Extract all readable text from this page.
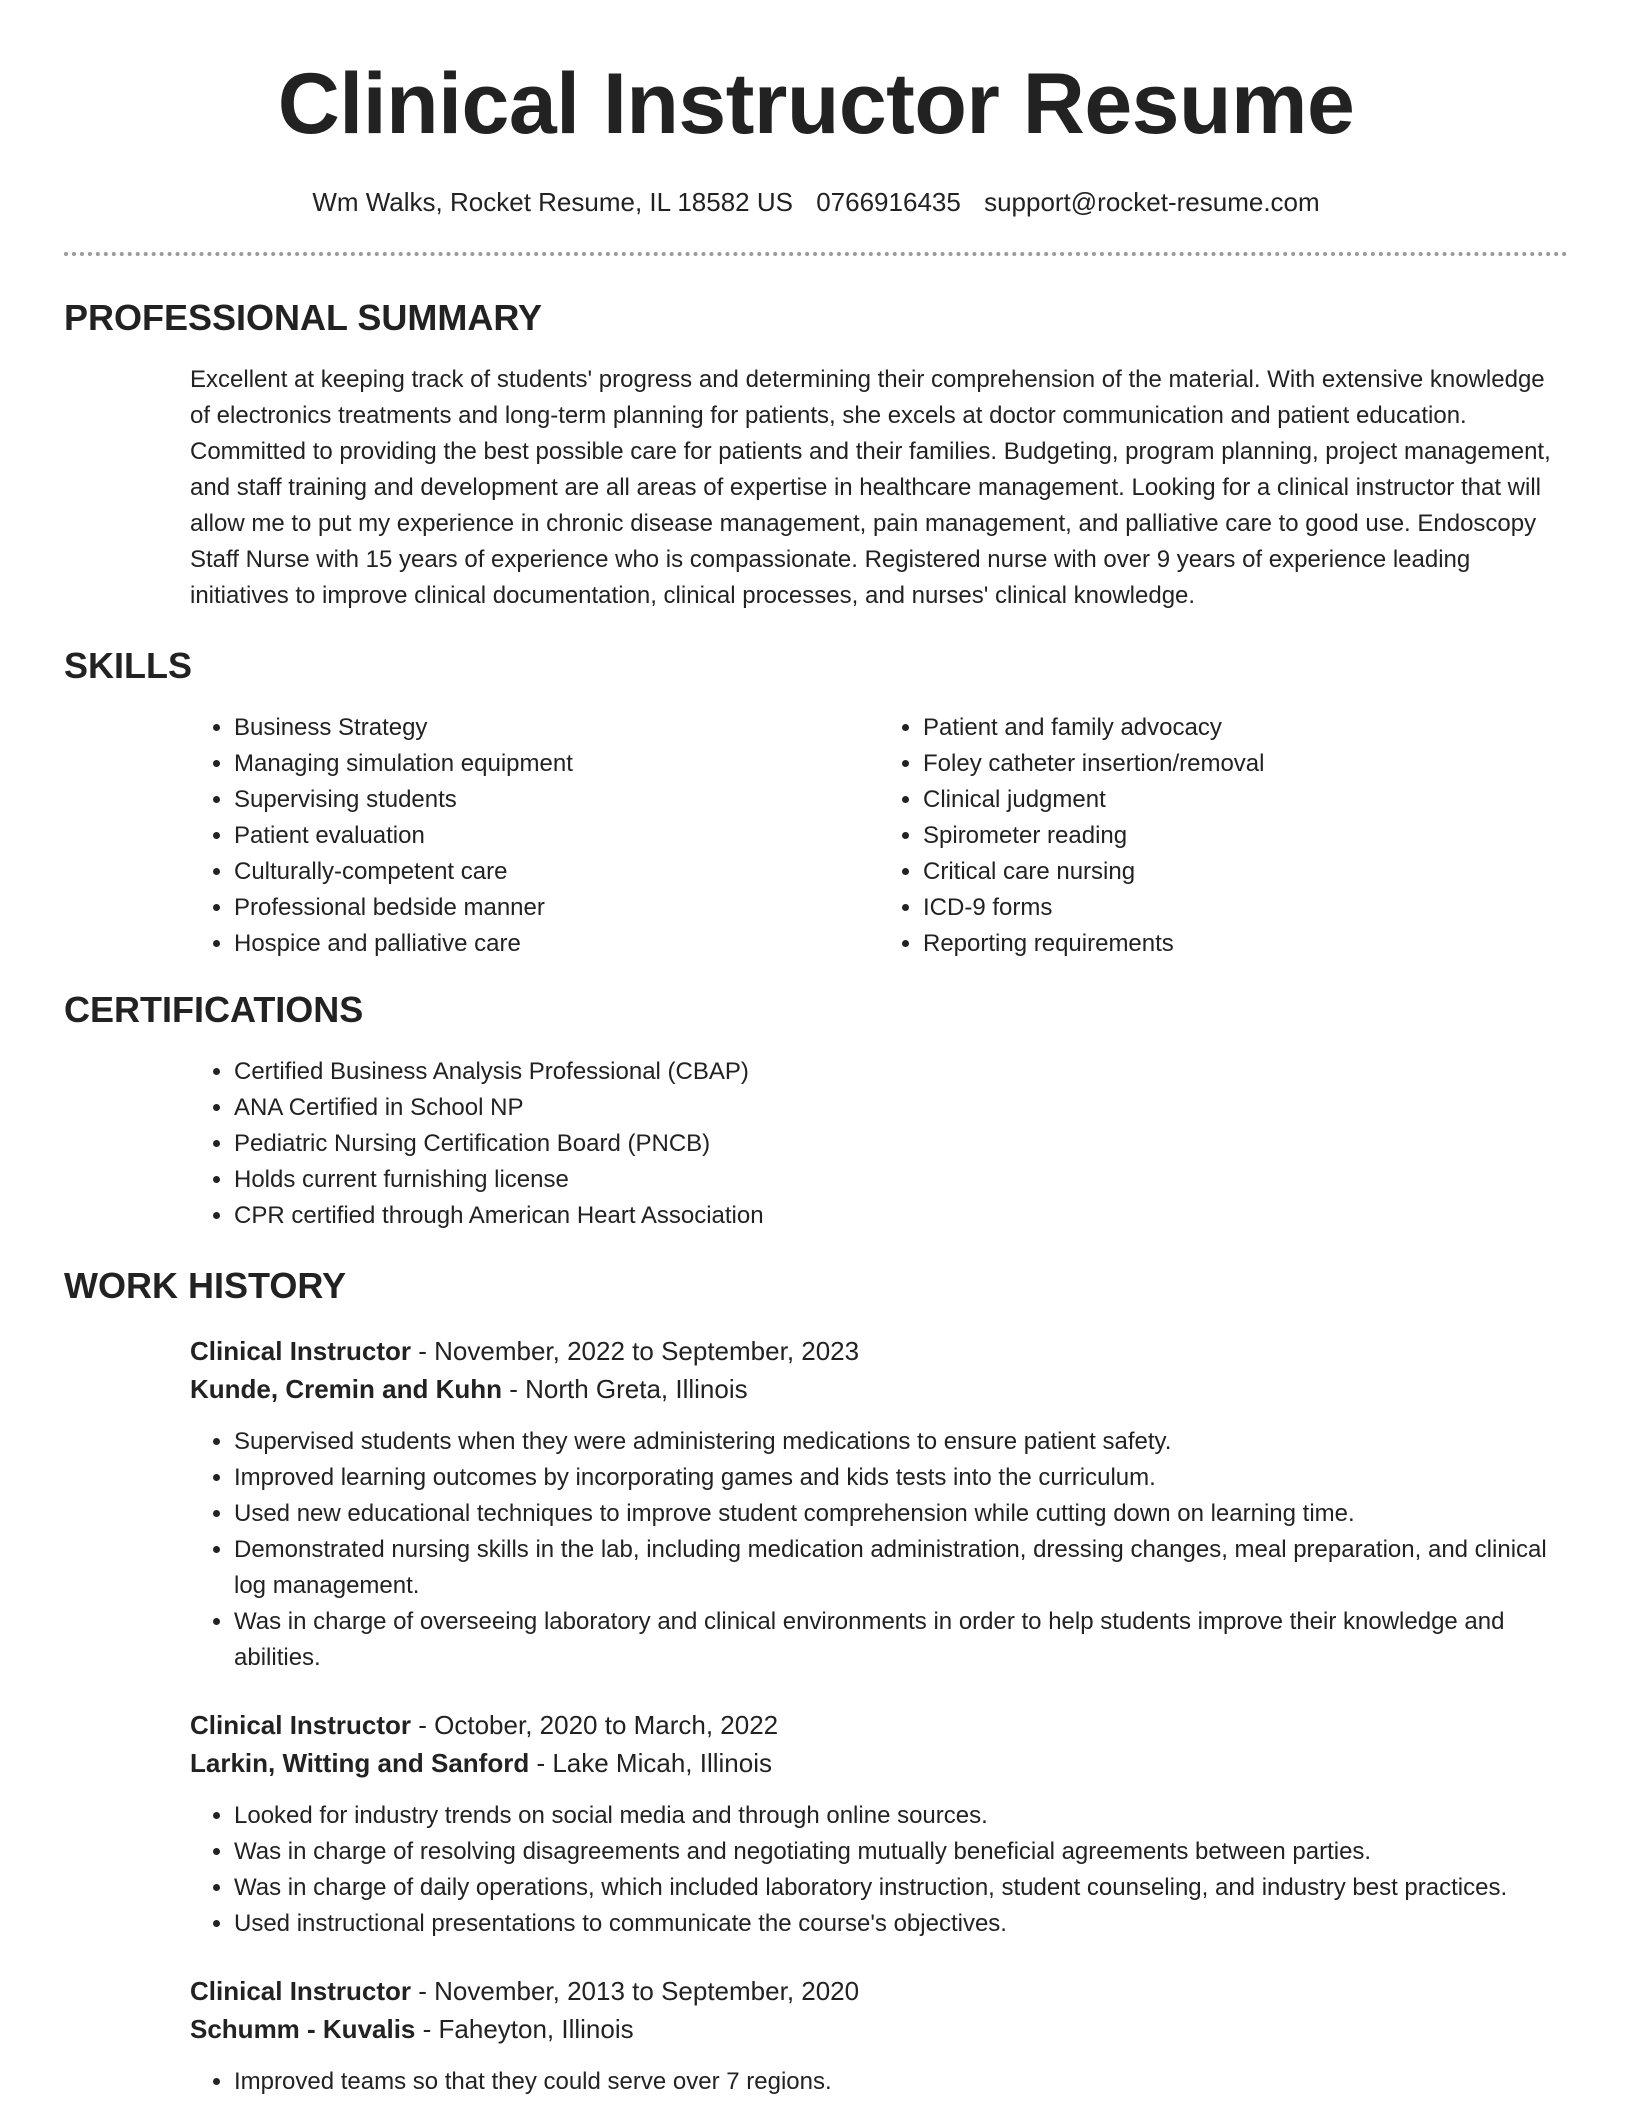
Clinical Instructor Resume
Wm Walks, Rocket Resume, IL 18582 US 0766916435 support@rocket-resume.com
PROFESSIONAL SUMMARY

Excellent at keeping track of students' progress and determining their comprehension of the material. With extensive knowledge of electronics treatments and long-term planning for patients, she excels at doctor communication and patient education. Committed to providing the best possible care for patients and their families. Budgeting, program planning, project management, and staff training and development are all areas of expertise in healthcare management. Looking for a clinical instructor that will allow me to put my experience in chronic disease management, pain management, and palliative care to good use. Endoscopy Staff Nurse with 15 years of experience who is compassionate. Registered nurse with over 9 years of experience leading initiatives to improve clinical documentation, clinical processes, and nurses' clinical knowledge.

SKILLS
• Business Strategy
• Managing simulation equipment
• Supervising students
• Patient evaluation
• Culturally-competent care
• Professional bedside manner
• Hospice and palliative care
• Patient and family advocacy
• Foley catheter insertion/removal
• Clinical judgment
• Spirometer reading
• Critical care nursing
• ICD-9 forms
• Reporting requirements
CERTIFICATIONS
• Certified Business Analysis Professional (CBAP)
• ANA Certified in School NP
• Pediatric Nursing Certification Board (PNCB)
• Holds current furnishing license
• CPR certified through American Heart Association
WORK HISTORY
Clinical Instructor - November, 2022 to September, 2023
Kunde, Cremin and Kuhn - North Greta, Illinois
• Supervised students when they were administering medications to ensure patient safety.
• Improved learning outcomes by incorporating games and kids tests into the curriculum.
• Used new educational techniques to improve student comprehension while cutting down on learning time.
• Demonstrated nursing skills in the lab, including medication administration, dressing changes, meal preparation, and clinical log management.
• Was in charge of overseeing laboratory and clinical environments in order to help students improve their knowledge and abilities.
Clinical Instructor - October, 2020 to March, 2022
Larkin, Witting and Sanford - Lake Micah, Illinois
• Looked for industry trends on social media and through online sources.
• Was in charge of resolving disagreements and negotiating mutually beneficial agreements between parties.
• Was in charge of daily operations, which included laboratory instruction, student counseling, and industry best practices.
• Used instructional presentations to communicate the course's objectives.
Clinical Instructor - November, 2013 to September, 2020
Schumm - Kuvalis - Faheyton, Illinois
• Improved teams so that they could serve over 7 regions.
